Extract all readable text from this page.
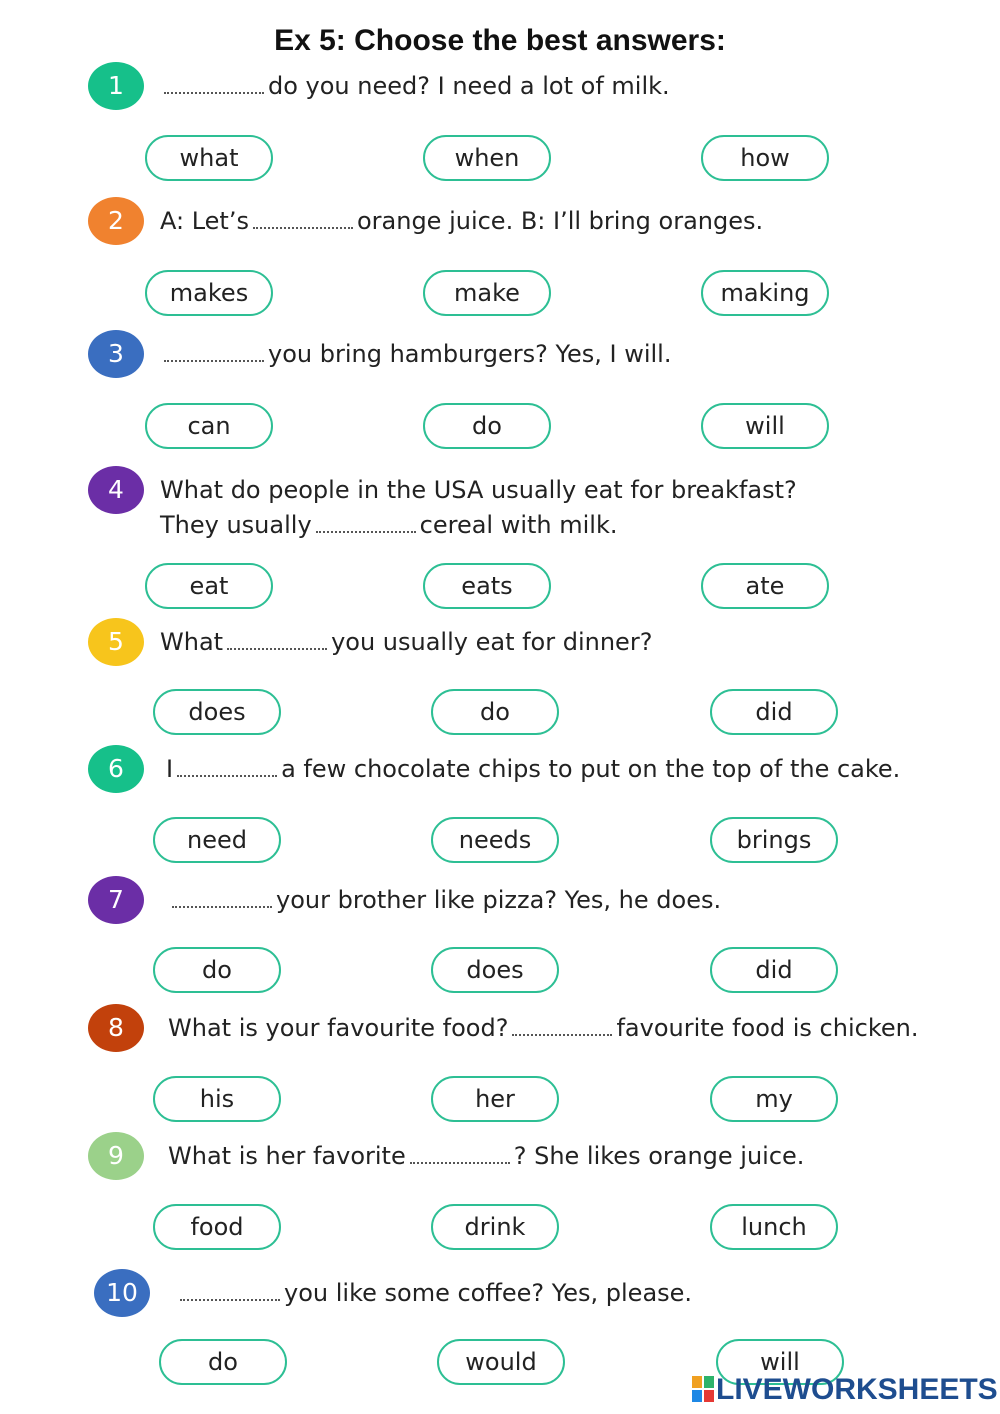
Ex 5: Choose the best answers:
1	do you need? I need a lot of milk.
what	when	how
2	A: Let’s	orange juice. B: I’ll bring oranges.
makes	make	making
3	you bring hamburgers? Yes, I will.
can	do	will
4	What do people in the USA usually eat for breakfast?
They usually	cereal with milk.
eat	eats	ate
5	What	you usually eat for dinner?
does	do	did
6	I	a few chocolate chips to put on the top of the cake.
need	needs	brings
7	your brother like pizza? Yes, he does.
do	does	did
8	What is your favourite food?	favourite food is chicken.
his	her	my
9	What is her favorite	? She likes orange juice.
food	drink	lunch
10	you like some coffee? Yes, please.
do	would	will
LIVEWORKSHEETS
